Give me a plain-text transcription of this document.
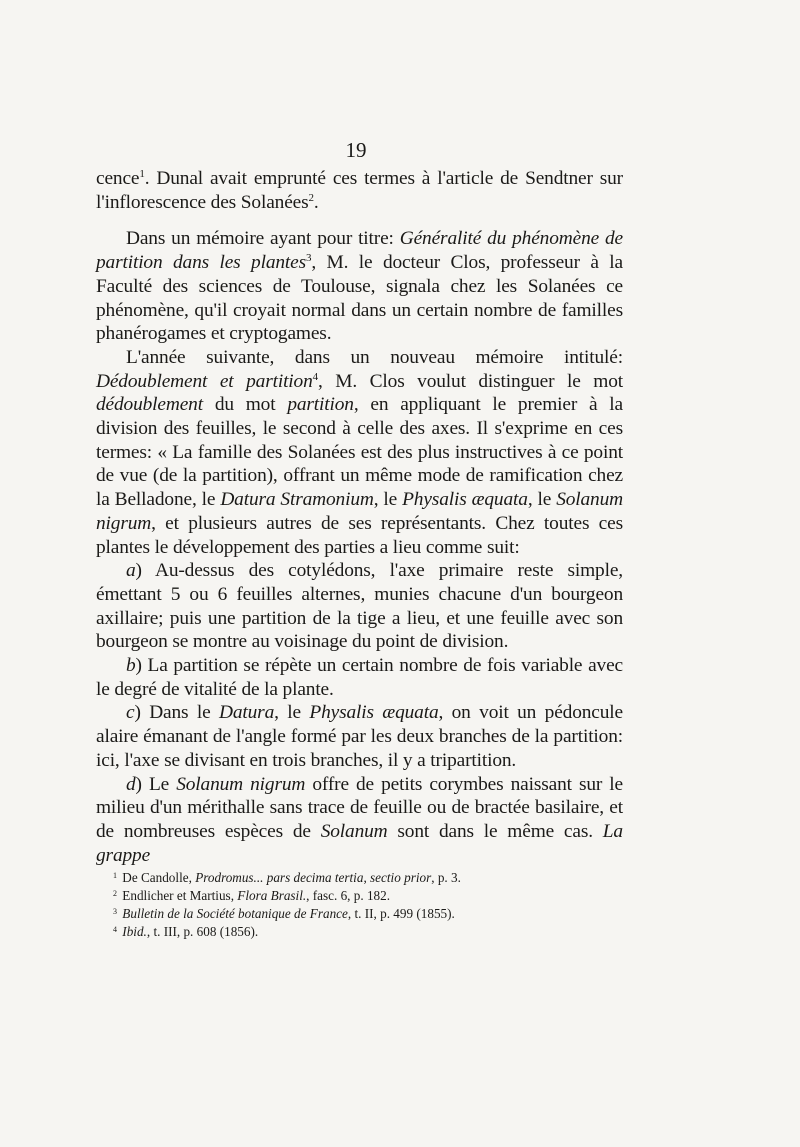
19

cence$^1$. Dunal avait emprunté ces termes à l'article de Sendtner sur l'inflorescence des Solanées$^2$.

Dans un mémoire ayant pour titre: Généralité du phénomène de partition dans les plantes$^3$, M. le docteur Clos, professeur à la Faculté des sciences de Toulouse, signala chez les Solanées ce phénomène, qu'il croyait normal dans un certain nombre de familles phanérogames et cryptogames.

L'année suivante, dans un nouveau mémoire intitulé: Dédoublement et partition$^4$, M. Clos voulut distinguer le mot dédoublement du mot partition, en appliquant le premier à la division des feuilles, le second à celle des axes. Il s'exprime en ces termes: « La famille des Solanées est des plus instructives à ce point de vue (de la partition), offrant un même mode de ramification chez la Belladone, le Datura Stramonium, le Physalis æquata, le Solanum nigrum, et plusieurs autres de ses représentants. Chez toutes ces plantes le développement des parties a lieu comme suit:

a) Au-dessus des cotylédons, l'axe primaire reste simple, émettant 5 ou 6 feuilles alternes, munies chacune d'un bourgeon axillaire; puis une partition de la tige a lieu, et une feuille avec son bourgeon se montre au voisinage du point de division.

b) La partition se répète un certain nombre de fois variable avec le degré de vitalité de la plante.

c) Dans le Datura, le Physalis æquata, on voit un pédoncule alaire émanant de l'angle formé par les deux branches de la partition: ici, l'axe se divisant en trois branches, il y a tripartition.

d) Le Solanum nigrum offre de petits corymbes naissant sur le milieu d'un mérithalle sans trace de feuille ou de bractée basilaire, et de nombreuses espèces de Solanum sont dans le même cas. La grappe

$^1$ De Candolle, Prodromus... pars decima tertia, sectio prior, p. 3.
$^2$ Endlicher et Martius, Flora Brasil., fasc. 6, p. 182.
$^3$ Bulletin de la Société botanique de France, t. II, p. 499 (1855).
$^4$ Ibid., t. III, p. 608 (1856).
